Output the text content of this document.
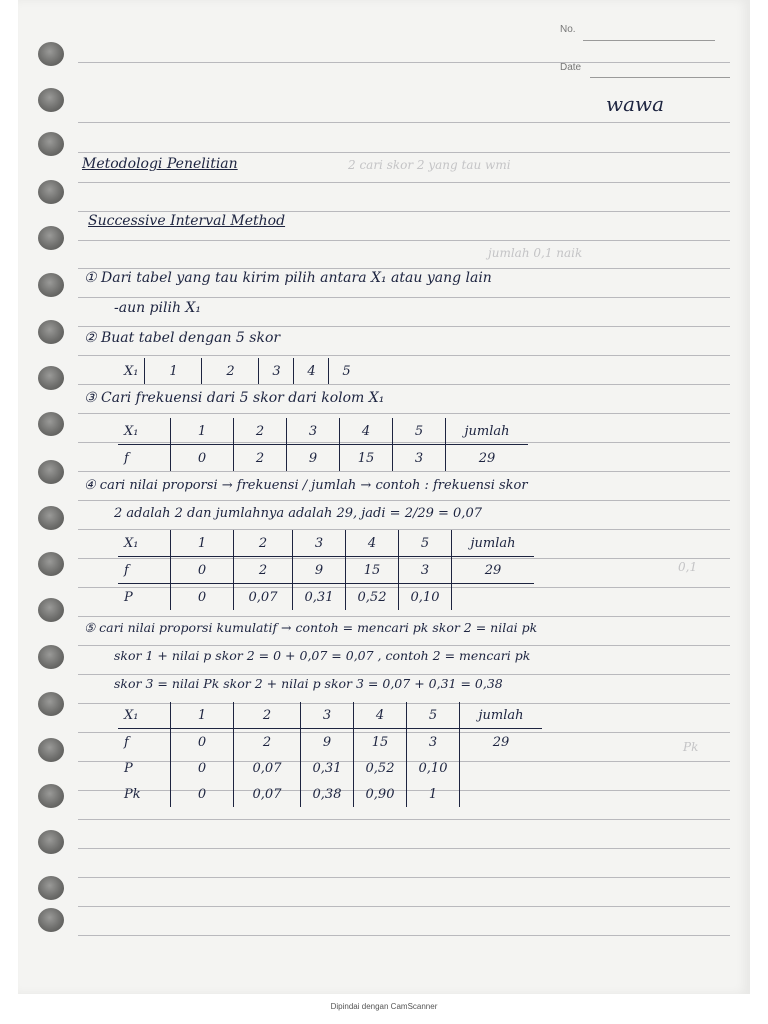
No.
Date
wawa
2 cari skor 2 yang tau wmi
jumlah 0,1 naik
0,1
Pk
Metodologi Penelitian
Successive Interval Method
① Dari tabel yang tau kirim pilih antara X₁ atau yang lain
-aun pilih X₁
② Buat tabel dengan 5 skor
X₁	1	2	3	4	5
③ Cari frekuensi dari 5 skor dari kolom X₁
X₁	1	2	3	4	5	jumlah
f	0	2	9	15	3	29
④ cari nilai proporsi → frekuensi / jumlah → contoh : frekuensi skor
2 adalah 2 dan jumlahnya adalah 29, jadi = 2/29 = 0,07
X₁	1	2	3	4	5	jumlah
f	0	2	9	15	3	29
P	0	0,07	0,31	0,52	0,10	
⑤ cari nilai proporsi kumulatif → contoh = mencari pk skor 2 = nilai pk
skor 1 + nilai p skor 2 = 0 + 0,07 = 0,07 , contoh 2 = mencari pk
skor 3 = nilai Pk skor 2 + nilai p skor 3 = 0,07 + 0,31 = 0,38
X₁	1	2	3	4	5	jumlah
f	0	2	9	15	3	29
P	0	0,07	0,31	0,52	0,10	
Pk	0	0,07	0,38	0,90	1	
Dipindai dengan CamScanner
